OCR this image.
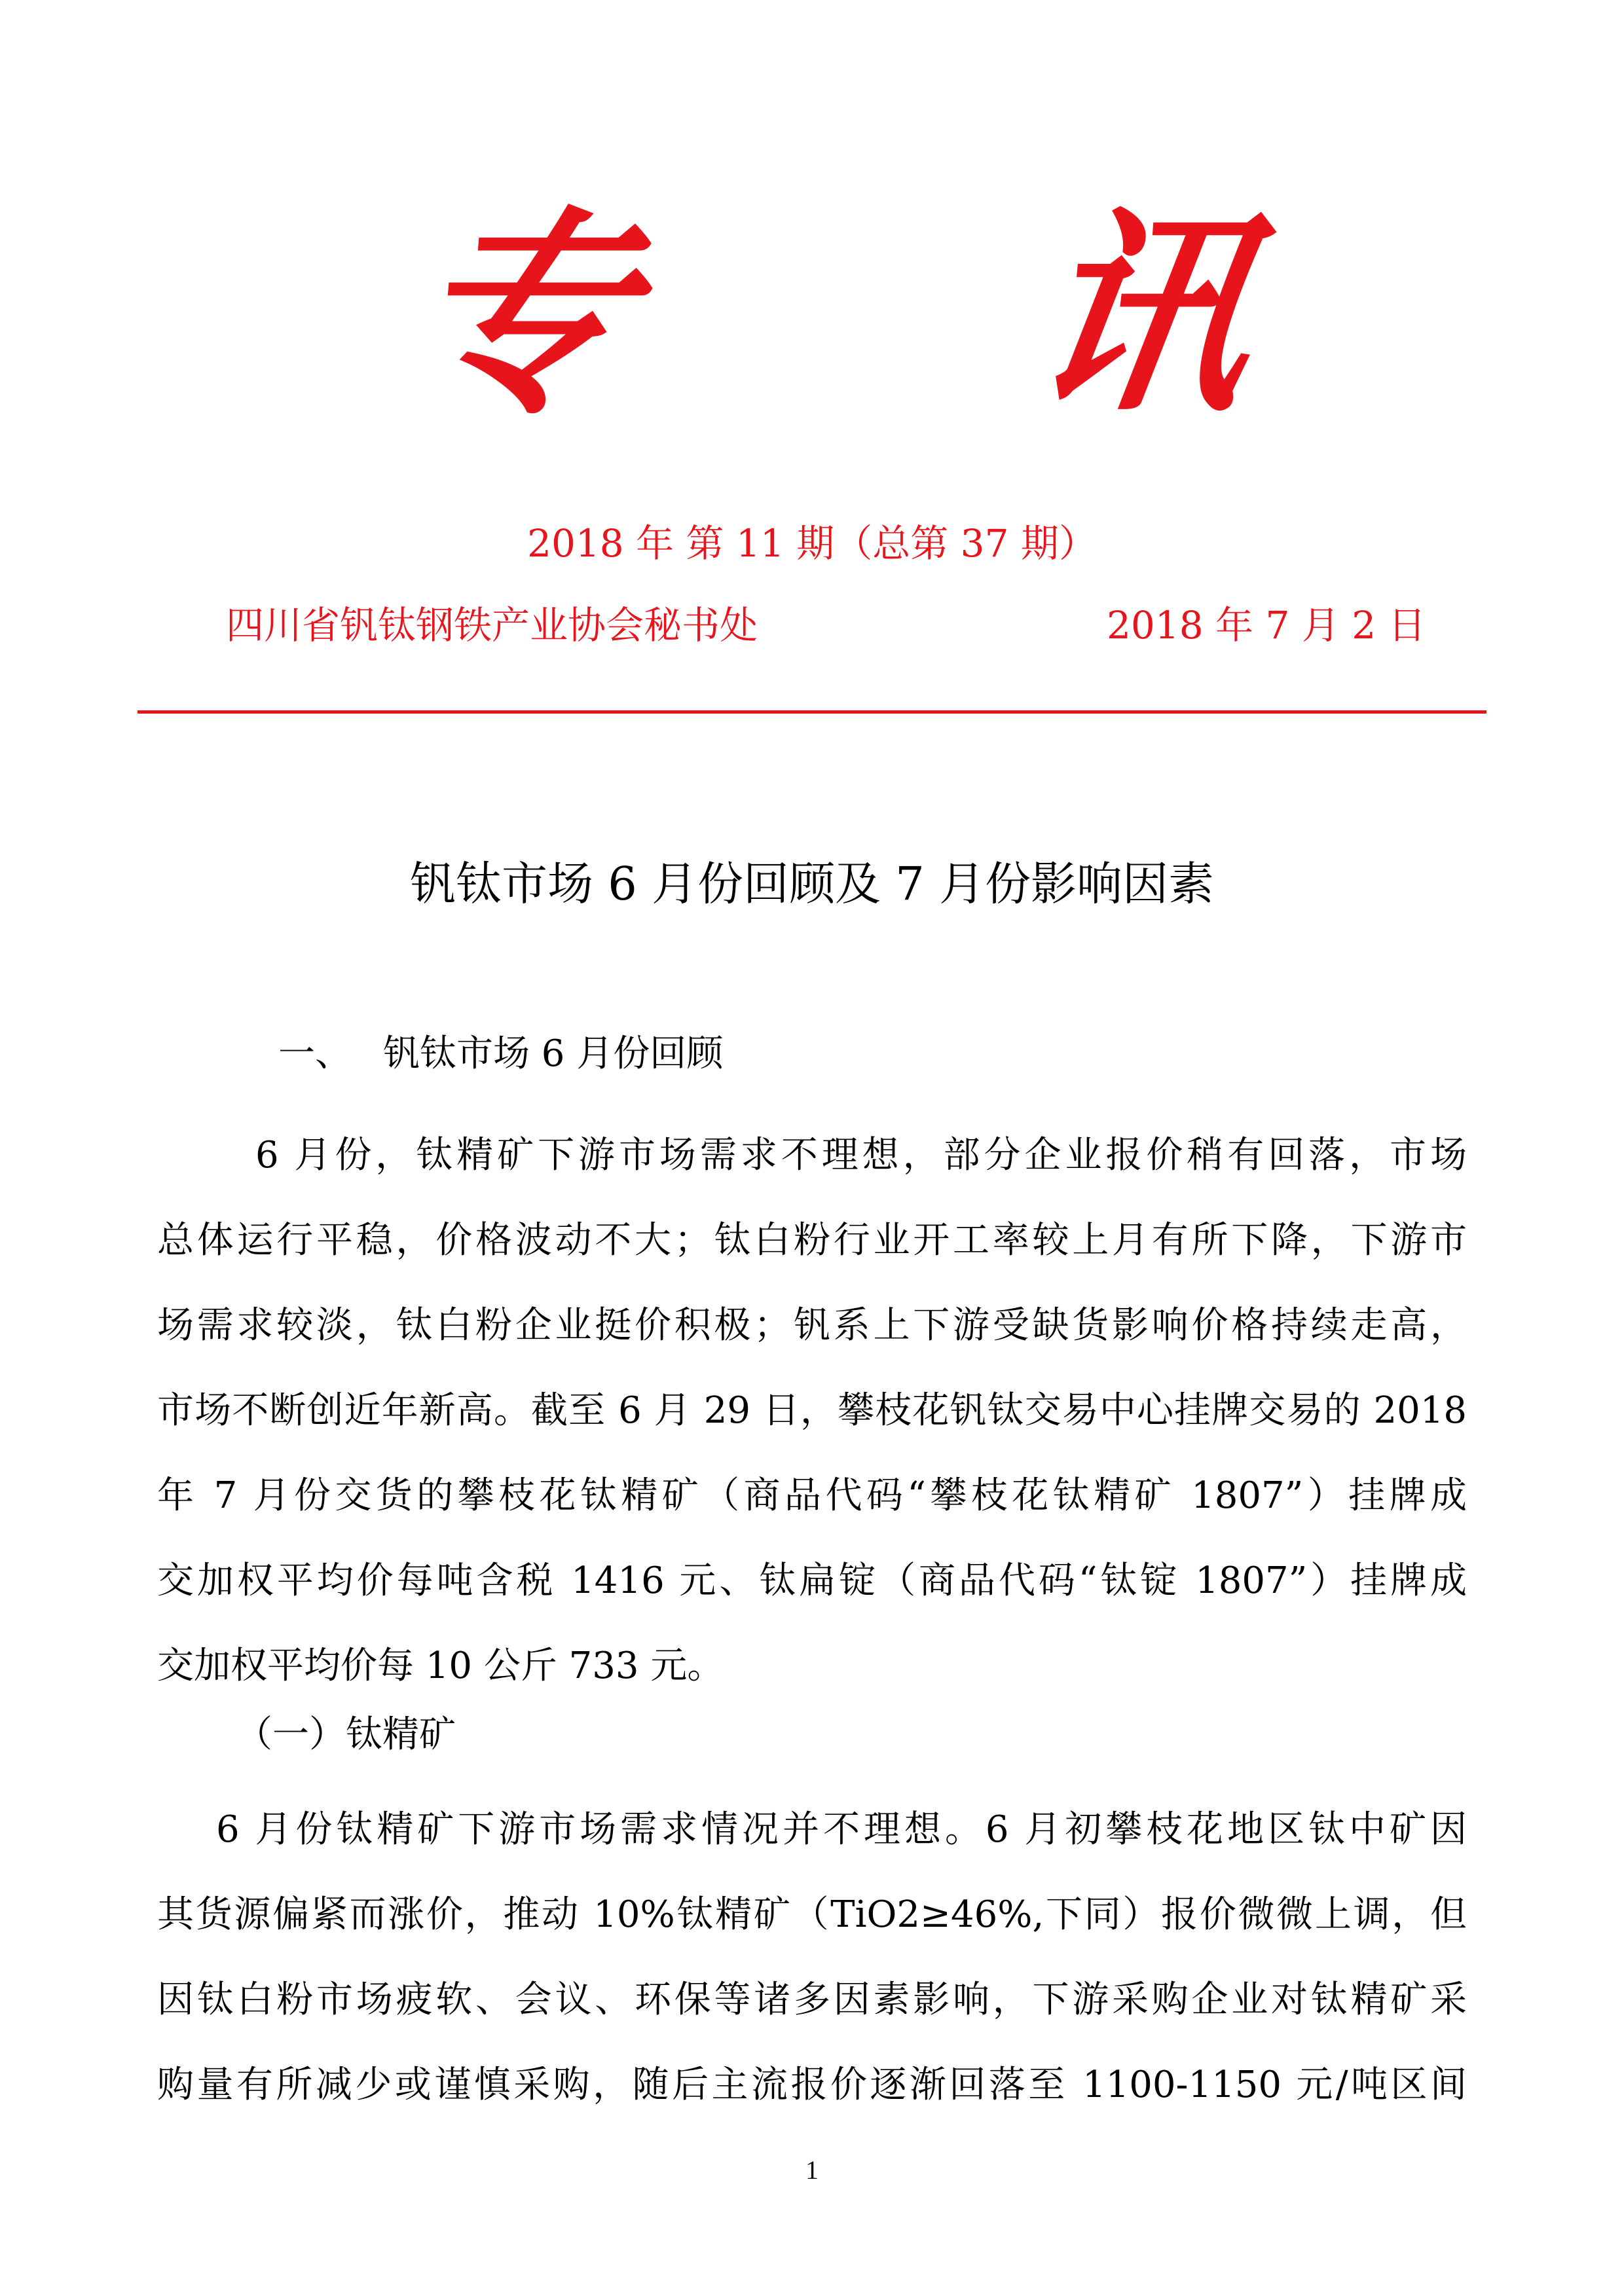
专 讯
2018 年 第 11 期（总第 37 期）
四川省钒钛钢铁产业协会秘书处	2018 年 7 月 2 日
钒钛市场 6 月份回顾及 7 月份影响因素
一、 钒钛市场 6 月份回顾
6 月份，钛精矿下游市场需求不理想，部分企业报价稍有回落，市场
总体运行平稳，价格波动不大；钛白粉行业开工率较上月有所下降，下游市
场需求较淡，钛白粉企业挺价积极；钒系上下游受缺货影响价格持续走高，
市场不断创近年新高。截至 6 月 29 日，攀枝花钒钛交易中心挂牌交易的 2018
年 7 月份交货的攀枝花钛精矿（商品代码“攀枝花钛精矿 1807”）挂牌成
交加权平均价每吨含税 1416 元、钛扁锭（商品代码“钛锭 1807”）挂牌成
交加权平均价每 10 公斤 733 元。
（一）钛精矿
6 月份钛精矿下游市场需求情况并不理想。6 月初攀枝花地区钛中矿因
其货源偏紧而涨价，推动 10%钛精矿（TiO2≥46%,下同）报价微微上调，但
因钛白粉市场疲软、会议、环保等诸多因素影响，下游采购企业对钛精矿采
购量有所减少或谨慎采购，随后主流报价逐渐回落至 1100-1150 元/吨区间
1
